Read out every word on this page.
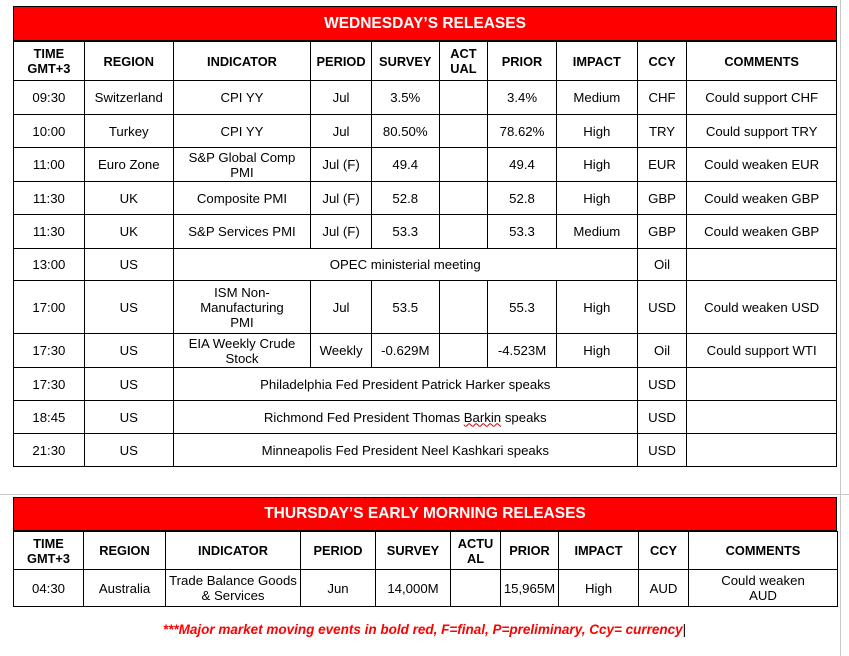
WEDNESDAY’S RELEASES
TIME GMT+3	REGION	INDICATOR	PERIOD	SURVEY	ACT UAL	PRIOR	IMPACT	CCY	COMMENTS
09:30	Switzerland	CPI YY	Jul	3.5%		3.4%	Medium	CHF	Could support CHF
10:00	Turkey	CPI YY	Jul	80.50%		78.62%	High	TRY	Could support TRY
11:00	Euro Zone	S&P Global Comp PMI	Jul (F)	49.4		49.4	High	EUR	Could weaken EUR
11:30	UK	Composite PMI	Jul (F)	52.8		52.8	High	GBP	Could weaken GBP
11:30	UK	S&P Services PMI	Jul (F)	53.3		53.3	Medium	GBP	Could weaken GBP
13:00	US	OPEC ministerial meeting						Oil	
17:00	US	ISM Non-Manufacturing PMI	Jul	53.5		55.3	High	USD	Could weaken USD
17:30	US	EIA Weekly Crude Stock	Weekly	-0.629M		-4.523M	High	Oil	Could support WTI
17:30	US	Philadelphia Fed President Patrick Harker speaks						USD	
18:45	US	Richmond Fed President Thomas Barkin speaks						USD	
21:30	US	Minneapolis Fed President Neel Kashkari speaks						USD	
THURSDAY’S EARLY MORNING RELEASES
TIME GMT+3	REGION	INDICATOR	PERIOD	SURVEY	ACTU AL	PRIOR	IMPACT	CCY	COMMENTS
04:30	Australia	Trade Balance Goods & Services	Jun	14,000M		15,965M	High	AUD	Could weaken AUD
***Major market moving events in bold red, F=final, P=preliminary, Ccy= currency|
